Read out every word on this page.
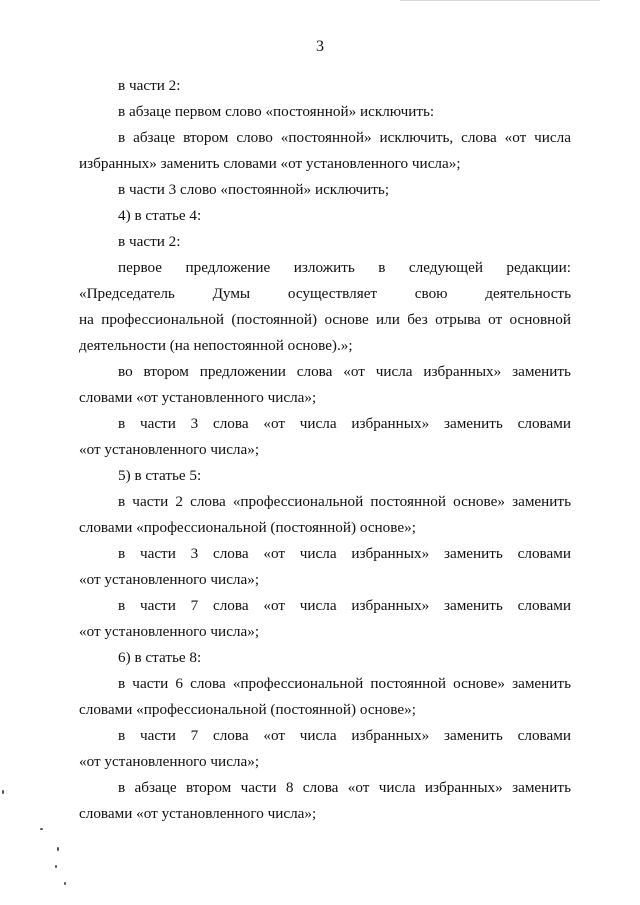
3
в части 2:
в абзаце первом слово «постоянной» исключить:
в абзаце втором слово «постоянной» исключить, слова «от числа
избранных» заменить словами «от установленного числа»;
в части 3 слово «постоянной» исключить;
4) в статье 4:
в части 2:
первое предложение изложить в следующей редакции:
«Председатель Думы осуществляет свою деятельность
на профессиональной (постоянной) основе или без отрыва от основной
деятельности (на непостоянной основе).»;
во втором предложении слова «от числа избранных» заменить
словами «от установленного числа»;
в части 3 слова «от числа избранных» заменить словами
«от установленного числа»;
5) в статье 5:
в части 2 слова «профессиональной постоянной основе» заменить
словами «профессиональной (постоянной) основе»;
в части 3 слова «от числа избранных» заменить словами
«от установленного числа»;
в части 7 слова «от числа избранных» заменить словами
«от установленного числа»;
6) в статье 8:
в части 6 слова «профессиональной постоянной основе» заменить
словами «профессиональной (постоянной) основе»;
в части 7 слова «от числа избранных» заменить словами
«от установленного числа»;
в абзаце втором части 8 слова «от числа избранных» заменить
словами «от установленного числа»;
